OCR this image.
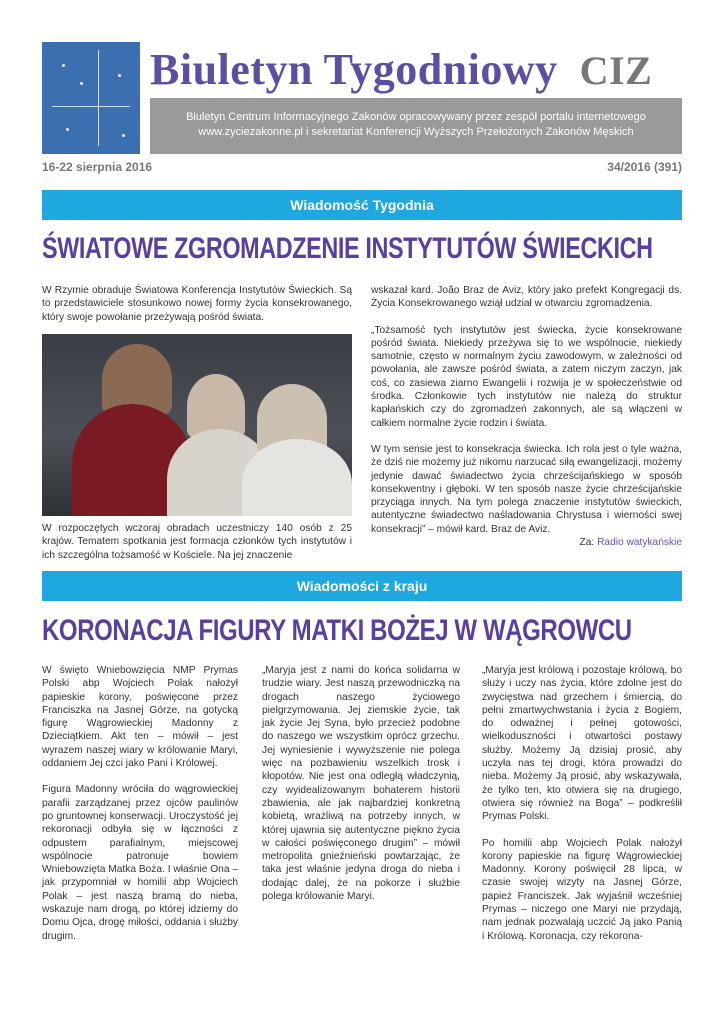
Biuletyn Tygodniowy CIZ
Biuletyn Centrum Informacyjnego Zakonów opracowywany przez zespół portalu internetowego
www.zyciezakonne.pl i sekretariat Konferencji Wyższych Przełożonych Zakonów Męskich
16-22 sierpnia 2016	34/2016 (391)
Wiadomość Tygodnia
ŚWIATOWE ZGROMADZENIE INSTYTUTÓW ŚWIECKICH

W Rzymie obraduje Światowa Konferencja Instytutów Świeckich. Są to przedstawiciele stosunkowo nowej formy życia konsekrowanego, który swoje powołanie przeżywają pośród świata.

W rozpoczętych wczoraj obradach uczestniczy 140 osób z 25 krajów. Tematem spotkania jest formacja członków tych instytutów i ich szczególna tożsamość w Kościele. Na jej znaczenie

wskazał kard. João Braz de Aviz, który jako prefekt Kongregacji ds. Życia Konsekrowanego wziął udział w otwarciu zgromadzenia.

„Tożsamość tych instytutów jest świecka, życie konsekrowane pośród świata. Niekiedy przeżywa się to we wspólnocie, niekiedy samotnie, często w normalnym życiu zawodowym, w zależności od powołania, ale zawsze pośród świata, a zatem niczym zaczyn, jak coś, co zasiewa ziarno Ewangelii i rozwija je w społeczeństwie od środka. Członkowie tych instytutów nie należą do struktur kapłańskich czy do zgromadzeń zakonnych, ale są włączeni w całkiem normalne życie rodzin i świata.

W tym sensie jest to konsekracja świecka. Ich rola jest o tyle ważna, że dziś nie możemy już nikomu narzucać siłą ewangelizacji, możemy jedynie dawać świadectwo życia chrześcijańskiego w sposób konsekwentny i głęboki. W ten sposób nasze życie chrześcijańskie przyciąga innych. Na tym polega znaczenie instytutów świeckich, autentyczne świadectwo naśladowania Chrystusa i wierności swej konsekracji” – mówił kard. Braz de Aviz.

Za: Radio watykańskie
Wiadomości z kraju
KORONACJA FIGURY MATKI BOŻEJ W WĄGROWCU

W święto Wniebowzięcia NMP Prymas Polski abp Wojciech Polak nałożył papieskie korony, poświęcone przez Franciszka na Jasnej Górze, na gotycką figurę Wągrowieckiej Madonny z Dzieciątkiem. Akt ten – mówił – jest wyrazem naszej wiary w królowanie Maryi, oddaniem Jej czci jako Pani i Królowej.

Figura Madonny wróciła do wągrowieckiej parafii zarządzanej przez ojców paulinów po gruntownej konserwacji. Uroczystość jej rekoronacji odbyła się w łączności z odpustem parafialnym, miejscowej wspólnocie patronuje bowiem Wniebowzięta Matka Boża. I właśnie Ona – jak przypomniał w homilii abp Wojciech Polak – jest naszą bramą do nieba, wskazuje nam drogą, po której idziemy do Domu Ojca, drogę miłości, oddania i służby drugim.

„Maryja jest z nami do końca solidarna w trudzie wiary. Jest naszą przewodniczką na drogach naszego życiowego pielgrzymowania. Jej ziemskie życie, tak jak życie Jej Syna, było przecież podobne do naszego we wszystkim oprócz grzechu. Jej wyniesienie i wywyższenie nie polega więc na pozbawieniu wszelkich trosk i kłopotów. Nie jest ona odległą władczynią, czy wyidealizowanym bohaterem historii zbawienia, ale jak najbardziej konkretną kobietą, wrażliwą na potrzeby innych, w której ujawnia się autentyczne piękno życia w całości poświęconego drugim” – mówił metropolita gnieźnieński powtarzając, że taka jest właśnie jedyna droga do nieba i dodając dalej, że na pokorze i służbie polega królowanie Maryi.

„Maryja jest królową i pozostaje królową, bo służy i uczy nas życia, które zdolne jest do zwycięstwa nad grzechem i śmiercią, do pełni zmartwychwstania i życia z Bogiem, do odważnej i pełnej gotowości, wielkoduszności i otwartości postawy służby. Możemy Ją dzisiaj prosić, aby uczyła nas tej drogi, która prowadzi do nieba. Możemy Ją prosić, aby wskazywała, że tylko ten, kto otwiera się na drugiego, otwiera się również na Boga” – podkreślił Prymas Polski.

Po homilii abp Wojciech Polak nałożył korony papieskie na figurę Wągrowieckiej Madonny. Korony poświęcił 28 lipca, w czasie swojej wizyty na Jasnej Górze, papież Franciszek. Jak wyjaśnił wcześniej Prymas – niczego one Maryi nie przydają, nam jednak pozwalają uczcić Ją jako Panią i Królową. Koronacja, czy rekorona-
